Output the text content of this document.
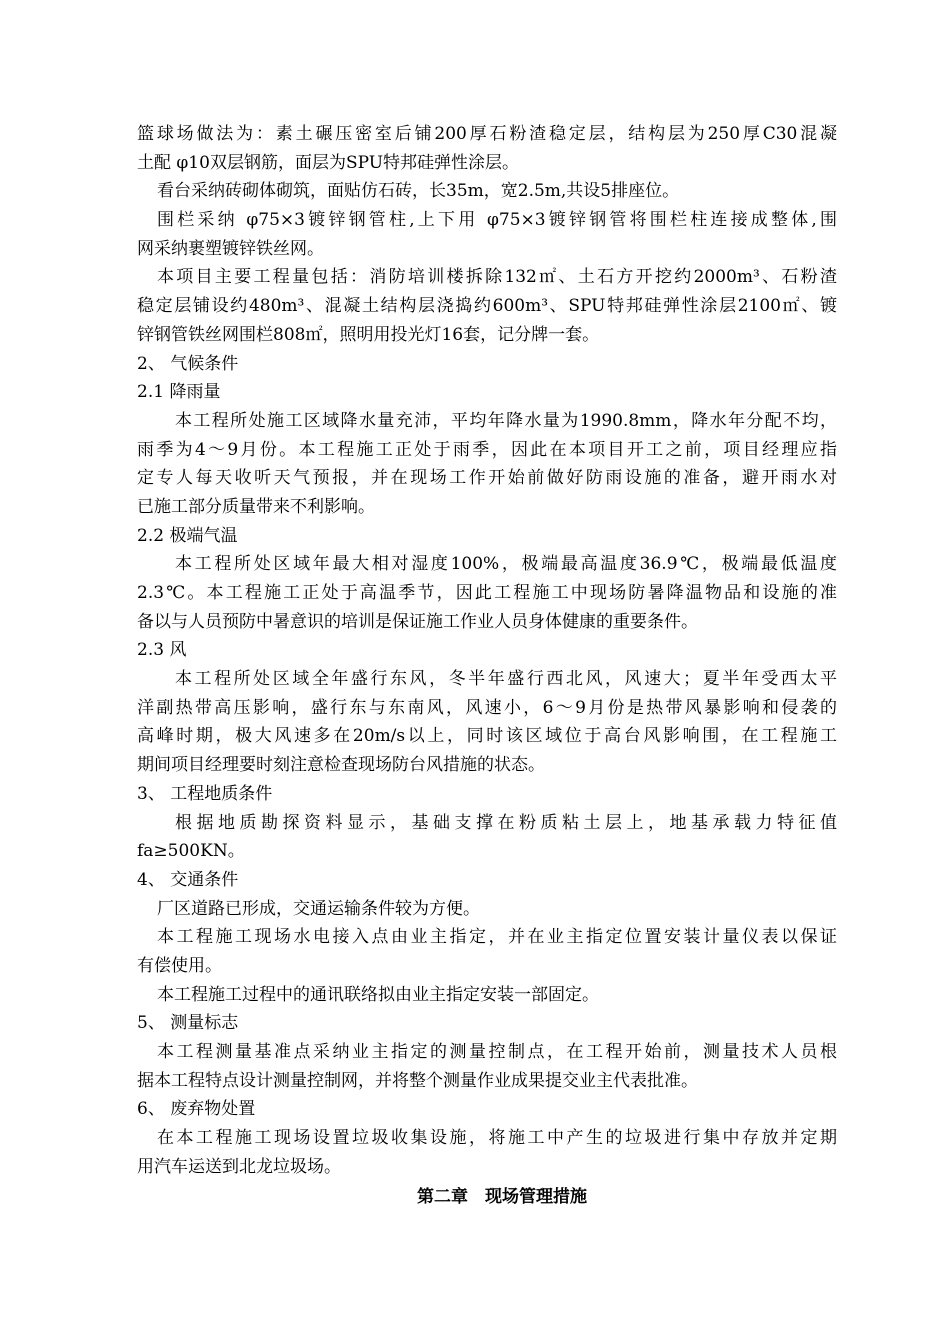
篮球场做法为：素土碾压密室后铺200厚石粉渣稳定层，结构层为250厚C30混凝
土配 φ10双层钢筋，面层为SPU特邦硅弹性涂层。
看台采纳砖砌体砌筑，面贴仿石砖，长35m，宽2.5m,共设5排座位。
围栏采纳 φ75×3镀锌钢管柱,上下用 φ75×3镀锌钢管将围栏柱连接成整体,围
网采纳裹塑镀锌铁丝网。
本项目主要工程量包括：消防培训楼拆除132㎡、土石方开挖约2000m³、石粉渣
稳定层铺设约480m³、混凝土结构层浇捣约600m³、SPU特邦硅弹性涂层2100㎡、镀
锌钢管铁丝网围栏808㎡，照明用投光灯16套，记分牌一套。
2、 气候条件
2.1 降雨量
本工程所处施工区域降水量充沛，平均年降水量为1990.8mm，降水年分配不均，
雨季为4～9月份。本工程施工正处于雨季，因此在本项目开工之前，项目经理应指
定专人每天收听天气预报，并在现场工作开始前做好防雨设施的准备，避开雨水对
已施工部分质量带来不利影响。
2.2 极端气温
本工程所处区域年最大相对湿度100%，极端最高温度36.9℃，极端最低温度
2.3℃。本工程施工正处于高温季节，因此工程施工中现场防暑降温物品和设施的准
备以与人员预防中暑意识的培训是保证施工作业人员身体健康的重要条件。
2.3 风
本工程所处区域全年盛行东风，冬半年盛行西北风，风速大；夏半年受西太平
洋副热带高压影响，盛行东与东南风，风速小，6～9月份是热带风暴影响和侵袭的
高峰时期，极大风速多在20m/s以上，同时该区域位于高台风影响围，在工程施工
期间项目经理要时刻注意检查现场防台风措施的状态。
3、 工程地质条件
根据地质勘探资料显示，基础支撑在粉质粘土层上，地基承载力特征值
fa≥500KN。
4、 交通条件
厂区道路已形成，交通运输条件较为方便。
本工程施工现场水电接入点由业主指定，并在业主指定位置安装计量仪表以保证
有偿使用。
本工程施工过程中的通讯联络拟由业主指定安装一部固定。
5、 测量标志
本工程测量基准点采纳业主指定的测量控制点，在工程开始前，测量技术人员根
据本工程特点设计测量控制网，并将整个测量作业成果提交业主代表批准。
6、 废弃物处置
在本工程施工现场设置垃圾收集设施，将施工中产生的垃圾进行集中存放并定期
用汽车运送到北龙垃圾场。
第二章　现场管理措施
